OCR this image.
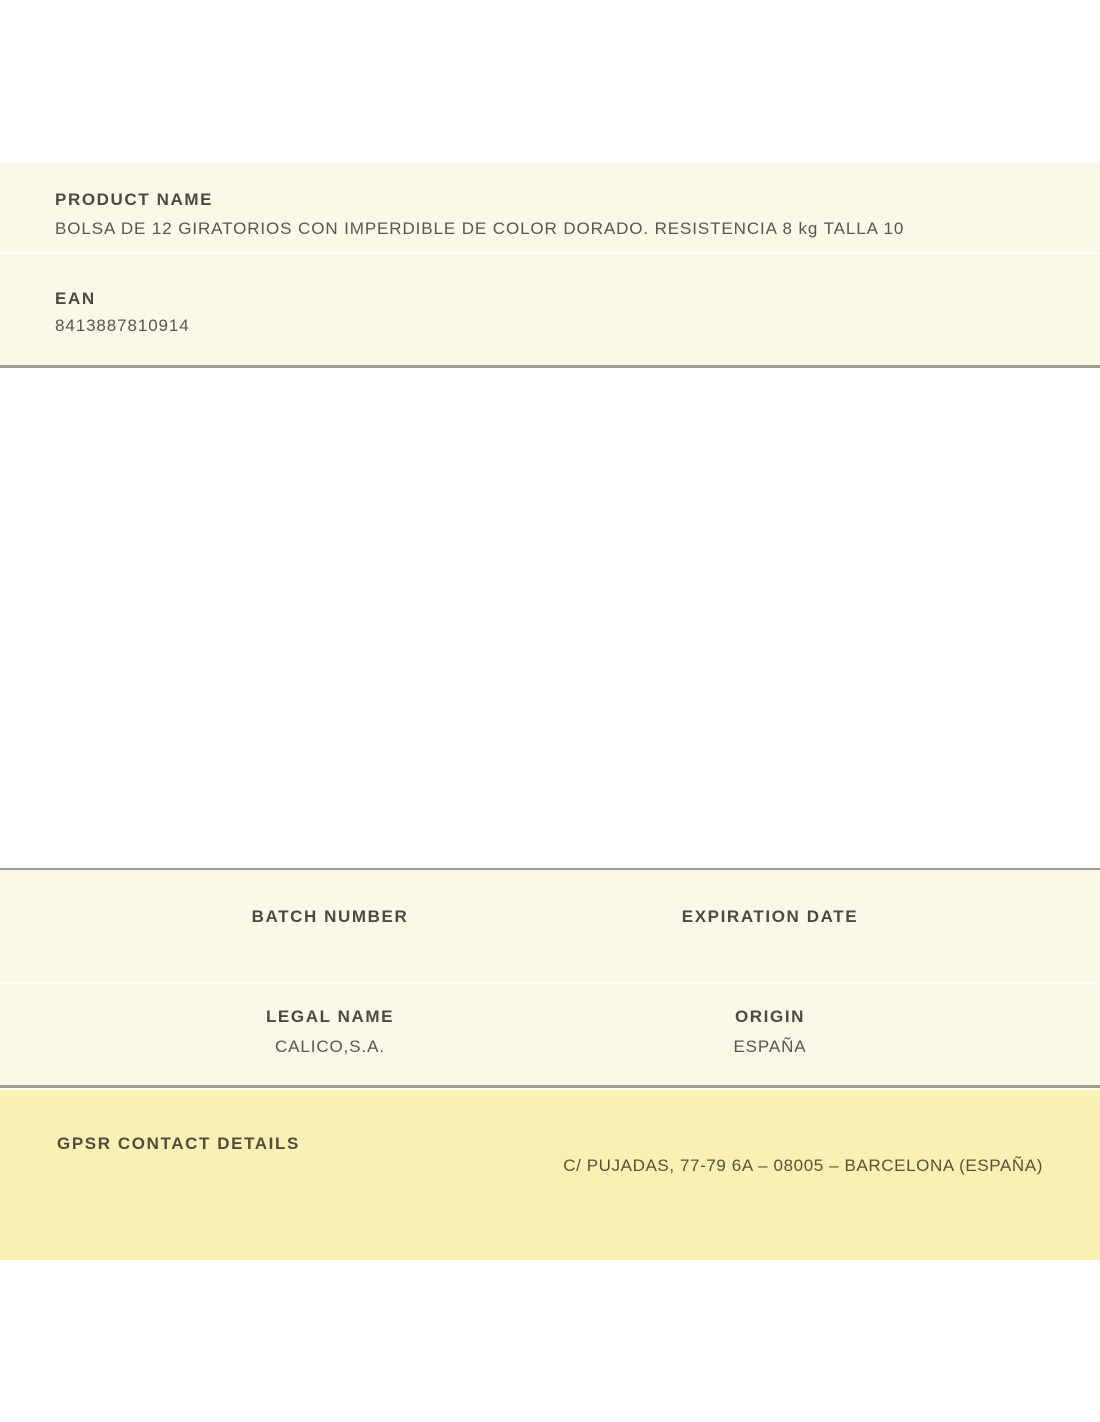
PRODUCT NAME
BOLSA DE 12 GIRATORIOS CON IMPERDIBLE DE COLOR DORADO. RESISTENCIA 8 kg TALLA 10
EAN
8413887810914
BATCH NUMBER	EXPIRATION DATE
LEGAL NAME	ORIGIN
CALICO,S.A.	ESPAÑA
GPSR CONTACT DETAILS
C/ PUJADAS, 77-79 6A – 08005 – BARCELONA (ESPAÑA)
